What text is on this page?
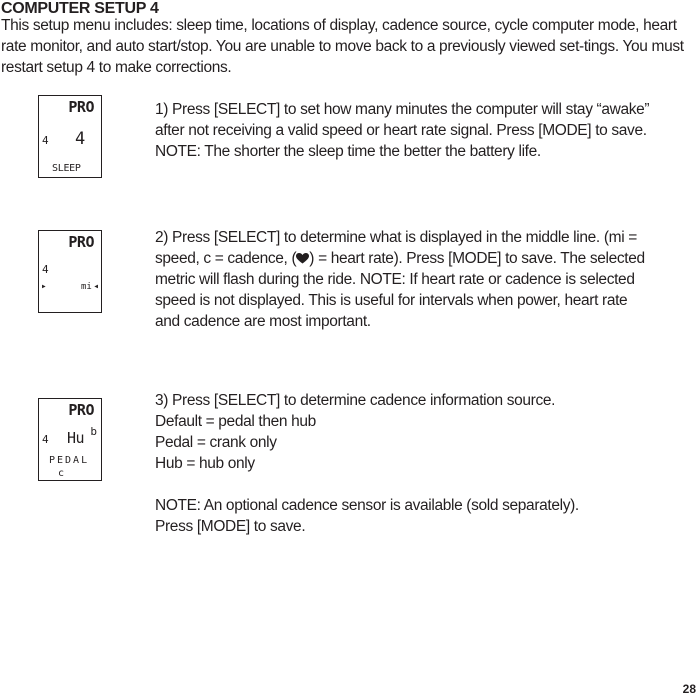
COMPUTER SETUP 4
This setup menu includes: sleep time, locations of display, cadence source, cycle computer mode, heart rate monitor, and auto start/stop. You are unable to move back to a previously viewed set-tings. You must restart setup 4 to make corrections.
PRO
4 4
SLEEP
PRO
4
▶	mi ◀
PRO
4 Hu b
PEDAL
c

1) Press [SELECT] to set how many minutes the computer will stay “awake”

after not receiving a valid speed or heart rate signal. Press [MODE] to save.

NOTE: The shorter the sleep time the better the battery life.

2) Press [SELECT] to determine what is displayed in the middle line. (mi =

speed, c = cadence, ( ) = heart rate). Press [MODE] to save. The selected

metric will flash during the ride. NOTE: If heart rate or cadence is selected

speed is not displayed. This is useful for intervals when power, heart rate

and cadence are most important.

3) Press [SELECT] to determine cadence information source.

Default = pedal then hub

Pedal = crank only

Hub = hub only

NOTE: An optional cadence sensor is available (sold separately).

Press [MODE] to save.

28
